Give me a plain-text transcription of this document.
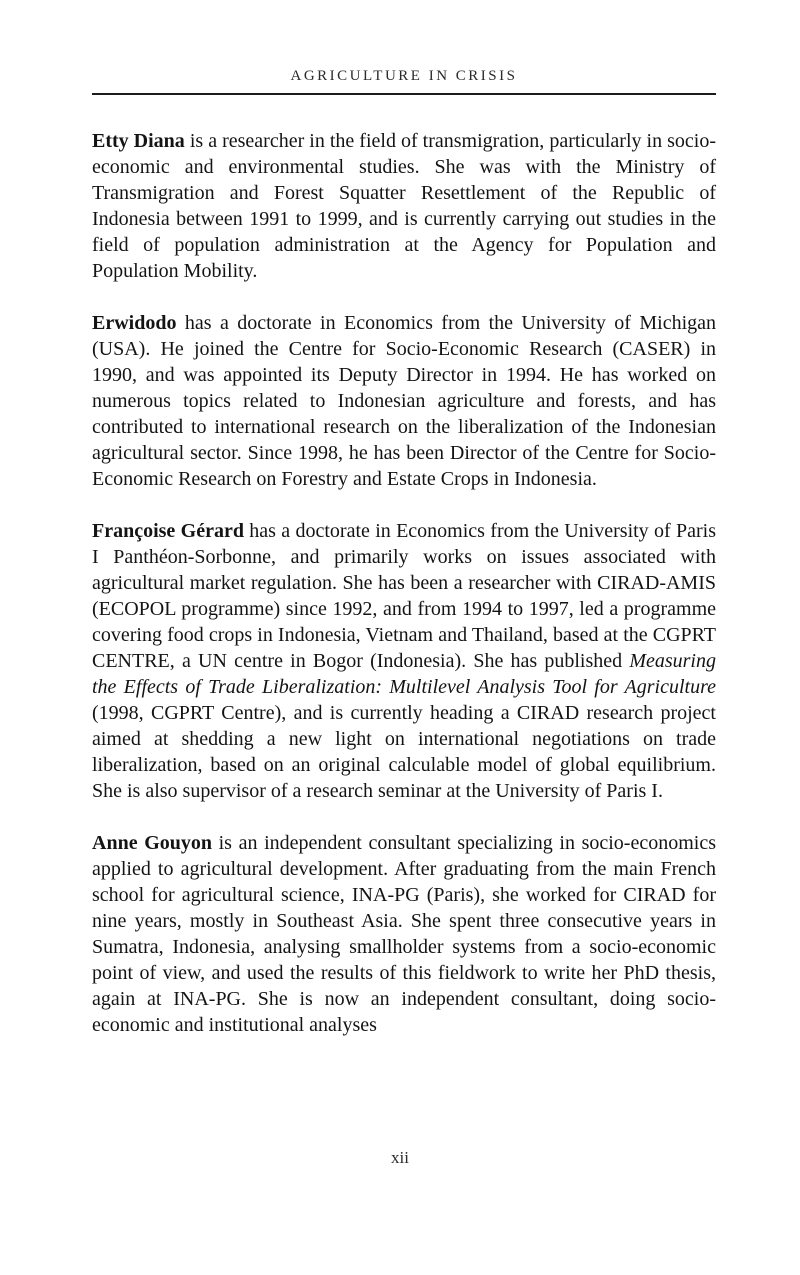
AGRICULTURE IN CRISIS

Etty Diana is a researcher in the field of transmigration, particularly in socio-economic and environmental studies. She was with the Ministry of Transmigration and Forest Squatter Resettlement of the Republic of Indonesia between 1991 to 1999, and is currently carrying out studies in the field of population administration at the Agency for Population and Population Mobility.

Erwidodo has a doctorate in Economics from the University of Michigan (USA). He joined the Centre for Socio-Economic Research (CASER) in 1990, and was appointed its Deputy Director in 1994. He has worked on numerous topics related to Indonesian agriculture and forests, and has contributed to international research on the liberalization of the Indonesian agricultural sector. Since 1998, he has been Director of the Centre for Socio-Economic Research on Forestry and Estate Crops in Indonesia.

Françoise Gérard has a doctorate in Economics from the University of Paris I Panthéon-Sorbonne, and primarily works on issues associated with agricultural market regulation. She has been a researcher with CIRAD-AMIS (ECOPOL programme) since 1992, and from 1994 to 1997, led a programme covering food crops in Indonesia, Vietnam and Thailand, based at the CGPRT CENTRE, a UN centre in Bogor (Indonesia). She has published Measuring the Effects of Trade Liberalization: Multilevel Analysis Tool for Agriculture (1998, CGPRT Centre), and is currently heading a CIRAD research project aimed at shedding a new light on international negotiations on trade liberalization, based on an original calculable model of global equilibrium. She is also supervisor of a research seminar at the University of Paris I.

Anne Gouyon is an independent consultant specializing in socio-economics applied to agricultural development. After graduating from the main French school for agricultural science, INA-PG (Paris), she worked for CIRAD for nine years, mostly in Southeast Asia. She spent three consecutive years in Sumatra, Indonesia, analysing smallholder systems from a socio-economic point of view, and used the results of this fieldwork to write her PhD thesis, again at INA-PG. She is now an independent consultant, doing socio-economic and institutional analyses

xii
